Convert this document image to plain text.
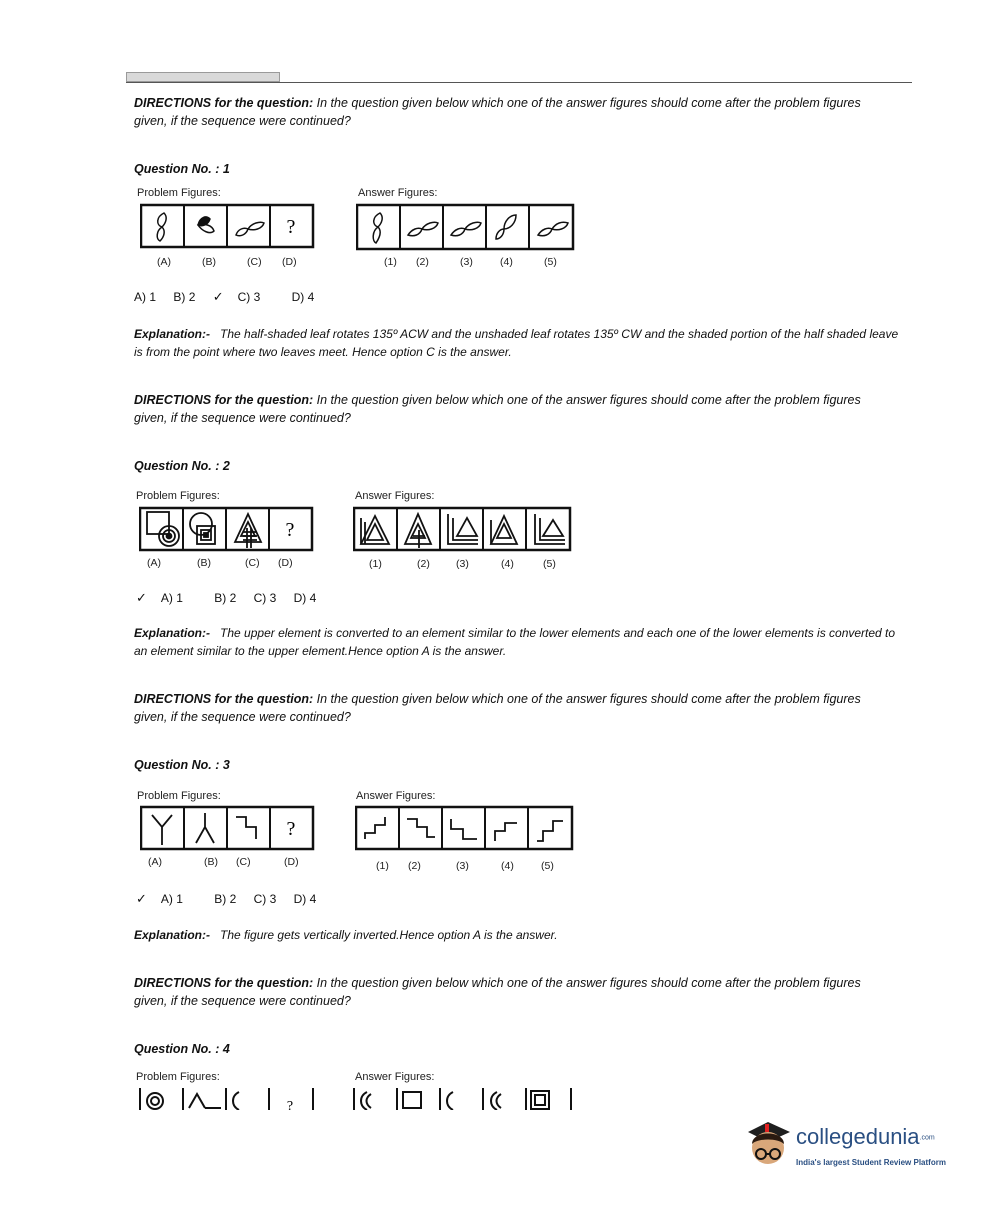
DIRECTIONS for the question: In the question given below which one of the answer figures should come after the problem figures given, if the sequence were continued?
Question No. : 1
Problem Figures:	Answer Figures:
?
(A)	(B)	(C) (D)	(1) (2)	(3)	(4)	(5)
A) 1 B) 2 ✓ C) 3	D) 4
Explanation:- The half-shaded leaf rotates 135º ACW and the unshaded leaf rotates 135º CW and the shaded portion of the half shaded leave is from the point where two leaves meet. Hence option C is the answer.
DIRECTIONS for the question: In the question given below which one of the answer figures should come after the problem figures given, if the sequence were continued?
Question No. : 2
Problem Figures:	Answer Figures:
?
(A)	(B)	(C) (D)	(1)	(2) (3)	(4)	(5)
✓ A) 1	B) 2 C) 3 D) 4
Explanation:- The upper element is converted to an element similar to the lower elements and each one of the lower elements is converted to an element similar to the upper element.Hence option A is the answer.
DIRECTIONS for the question: In the question given below which one of the answer figures should come after the problem figures given, if the sequence were continued?
Question No. : 3
Problem Figures:	Answer Figures:
?
(A)	(B) (C)	(D)	(1) (2)	(3)	(4)	(5)
✓ A) 1	B) 2 C) 3 D) 4
Explanation:- The figure gets vertically inverted.Hence option A is the answer.
DIRECTIONS for the question: In the question given below which one of the answer figures should come after the problem figures given, if the sequence were continued?
Question No. : 4
Problem Figures:	Answer Figures:
?
collegedunia.com
India's largest Student Review Platform
